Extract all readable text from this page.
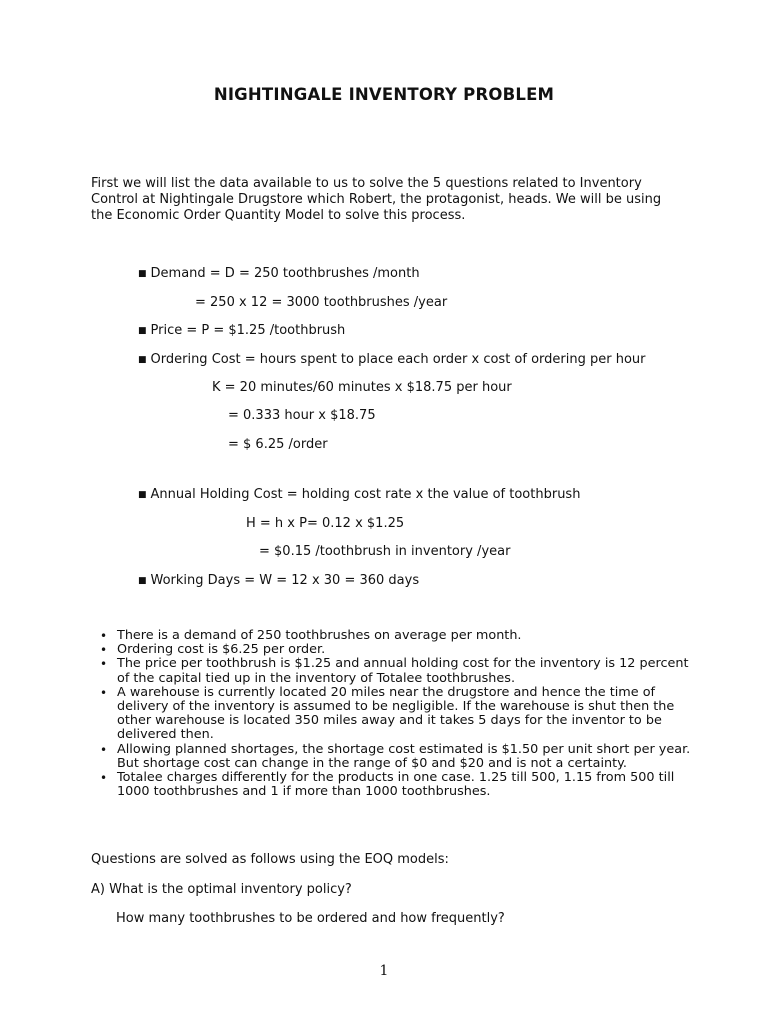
NIGHTINGALE INVENTORY PROBLEM
First we will list the data available to us to solve the 5 questions related to Inventory Control at Nightingale Drugstore which Robert, the protagonist, heads. We will be using the Economic Order Quantity Model to solve this process.
■ Demand = D = 250 toothbrushes /month
= 250 x 12 = 3000 toothbrushes /year
■ Price = P = $1.25 /toothbrush
■ Ordering Cost = hours spent to place each order x cost of ordering per hour
K = 20 minutes/60 minutes x $18.75 per hour
= 0.333 hour x $18.75
= $ 6.25 /order
■ Annual Holding Cost = holding cost rate x the value of toothbrush
H = h x P= 0.12 x $1.25
= $0.15 /toothbrush in inventory /year
■ Working Days = W = 12 x 30 = 360 days
• There is a demand of 250 toothbrushes on average per month.
• Ordering cost is $6.25 per order.
• The price per toothbrush is $1.25 and annual holding cost for the inventory is 12 percent of the capital tied up in the inventory of Totalee toothbrushes.
• A warehouse is currently located 20 miles near the drugstore and hence the time of delivery of the inventory is assumed to be negligible. If the warehouse is shut then the other warehouse is located 350 miles away and it takes 5 days for the inventor to be delivered then.
• Allowing planned shortages, the shortage cost estimated is $1.50 per unit short per year. But shortage cost can change in the range of $0 and $20 and is not a certainty.
• Totalee charges differently for the products in one case. 1.25 till 500, 1.15 from 500 till 1000 toothbrushes and 1 if more than 1000 toothbrushes.
Questions are solved as follows using the EOQ models:
A) What is the optimal inventory policy?
How many toothbrushes to be ordered and how frequently?
1
